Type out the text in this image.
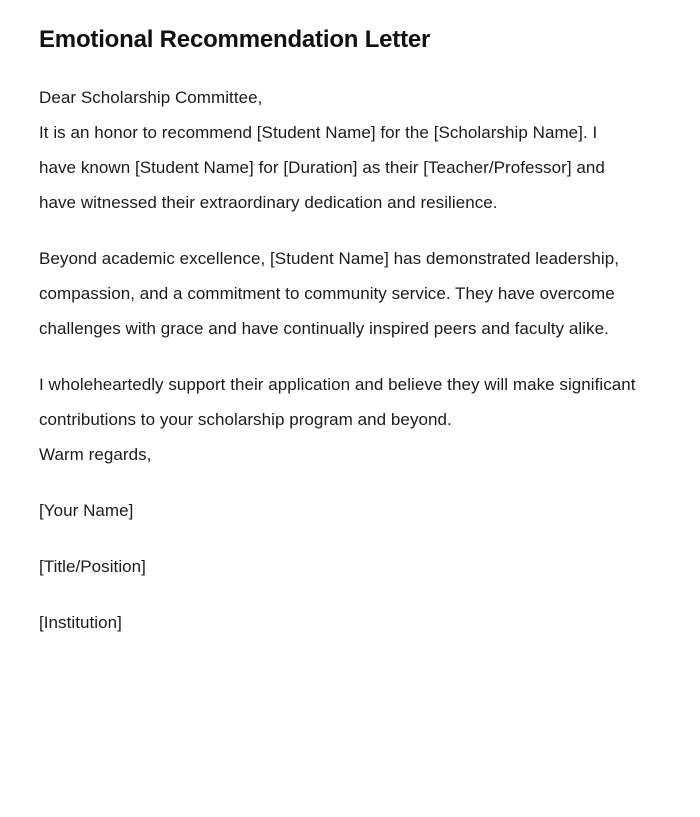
Emotional Recommendation Letter

Dear Scholarship Committee,

It is an honor to recommend [Student Name] for the [Scholarship Name]. I have known [Student Name] for [Duration] as their [Teacher/Professor] and have witnessed their extraordinary dedication and resilience.

Beyond academic excellence, [Student Name] has demonstrated leadership, compassion, and a commitment to community service. They have overcome challenges with grace and have continually inspired peers and faculty alike.

I wholeheartedly support their application and believe they will make significant contributions to your scholarship program and beyond.

Warm regards,

[Your Name]

[Title/Position]

[Institution]
